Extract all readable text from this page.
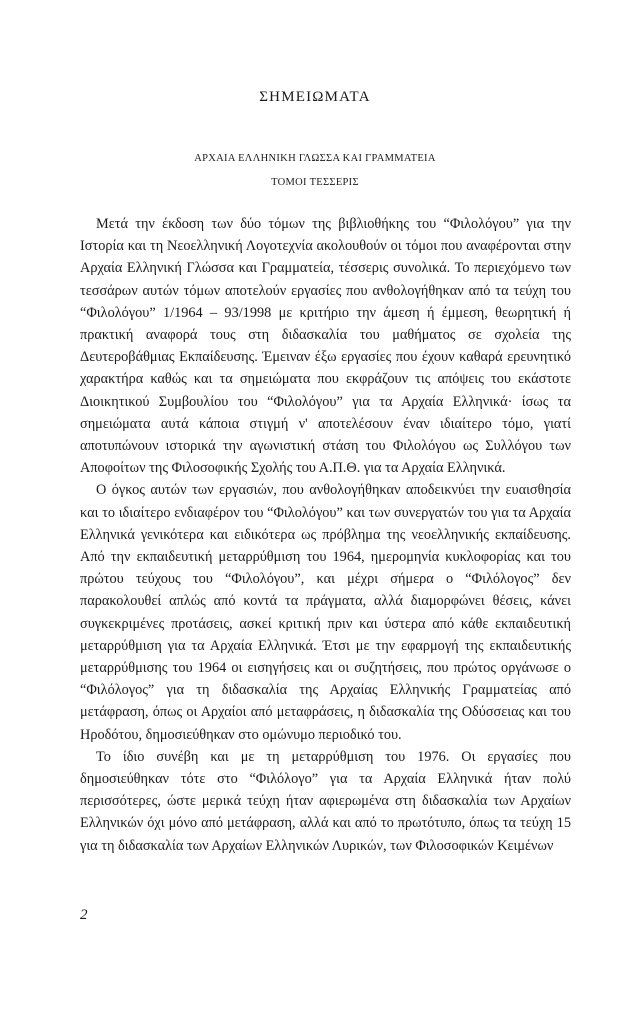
ΣΗΜΕΙΩΜΑΤΑ

ΑΡΧΑΙΑ ΕΛΛΗΝΙΚΗ ΓΛΩΣΣΑ ΚΑΙ ΓΡΑΜΜΑΤΕΙΑ

ΤΟΜΟΙ ΤΕΣΣΕΡΙΣ

Μετά την έκδοση των δύο τόμων της βιβλιοθήκης του “Φιλολόγου” για την Ιστορία και τη Νεοελληνική Λογοτεχνία ακολουθούν οι τόμοι που αναφέρονται στην Αρχαία Ελληνική Γλώσσα και Γραμματεία, τέσσερις συνολικά. Το περιεχόμενο των τεσσάρων αυτών τόμων αποτελούν εργασίες που ανθολογήθηκαν από τα τεύχη του “Φιλολόγου” 1/1964 – 93/1998 με κριτήριο την άμεση ή έμμεση, θεωρητική ή πρακτική αναφορά τους στη διδασκαλία του μαθήματος σε σχολεία της Δευτεροβάθμιας Εκπαίδευσης. Έμειναν έξω εργασίες που έχουν καθαρά ερευνητικό χαρακτήρα καθώς και τα σημειώματα που εκφράζουν τις απόψεις του εκάστοτε Διοικητικού Συμβουλίου του “Φιλολόγου” για τα Αρχαία Ελληνικά· ίσως τα σημειώματα αυτά κάποια στιγμή ν' αποτελέσουν έναν ιδιαίτερο τόμο, γιατί αποτυπώνουν ιστορικά την αγωνιστική στάση του Φιλολόγου ως Συλλόγου των Αποφοίτων της Φιλοσοφικής Σχολής του Α.Π.Θ. για τα Αρχαία Ελληνικά.

Ο όγκος αυτών των εργασιών, που ανθολογήθηκαν αποδεικνύει την ευαισθησία και το ιδιαίτερο ενδιαφέρον του “Φιλολόγου” και των συνεργατών του για τα Αρχαία Ελληνικά γενικότερα και ειδικότερα ως πρόβλημα της νεοελληνικής εκπαίδευσης. Από την εκπαιδευτική μεταρρύθμιση του 1964, ημερομηνία κυκλοφορίας και του πρώτου τεύχους του “Φιλολόγου”, και μέχρι σήμερα ο “Φιλόλογος” δεν παρακολουθεί απλώς από κοντά τα πράγματα, αλλά διαμορφώνει θέσεις, κάνει συγκεκριμένες προτάσεις, ασκεί κριτική πριν και ύστερα από κάθε εκπαιδευτική μεταρρύθμιση για τα Αρχαία Ελληνικά. Έτσι με την εφαρμογή της εκπαιδευτικής μεταρρύθμισης του 1964 οι εισηγήσεις και οι συζητήσεις, που πρώτος οργάνωσε ο “Φιλόλογος” για τη διδασκαλία της Αρχαίας Ελληνικής Γραμματείας από μετάφραση, όπως οι Αρχαίοι από μεταφράσεις, η διδασκαλία της Οδύσσειας και του Ηροδότου, δημοσιεύθηκαν στο ομώνυμο περιοδικό του.

Το ίδιο συνέβη και με τη μεταρρύθμιση του 1976. Οι εργασίες που δημοσιεύθηκαν τότε στο “Φιλόλογο” για τα Αρχαία Ελληνικά ήταν πολύ περισσότερες, ώστε μερικά τεύχη ήταν αφιερωμένα στη διδασκαλία των Αρχαίων Ελληνικών όχι μόνο από μετάφραση, αλλά και από το πρωτότυπο, όπως τα τεύχη 15 για τη διδασκαλία των Αρχαίων Ελληνικών Λυρικών, των Φιλοσοφικών Κειμένων

2
